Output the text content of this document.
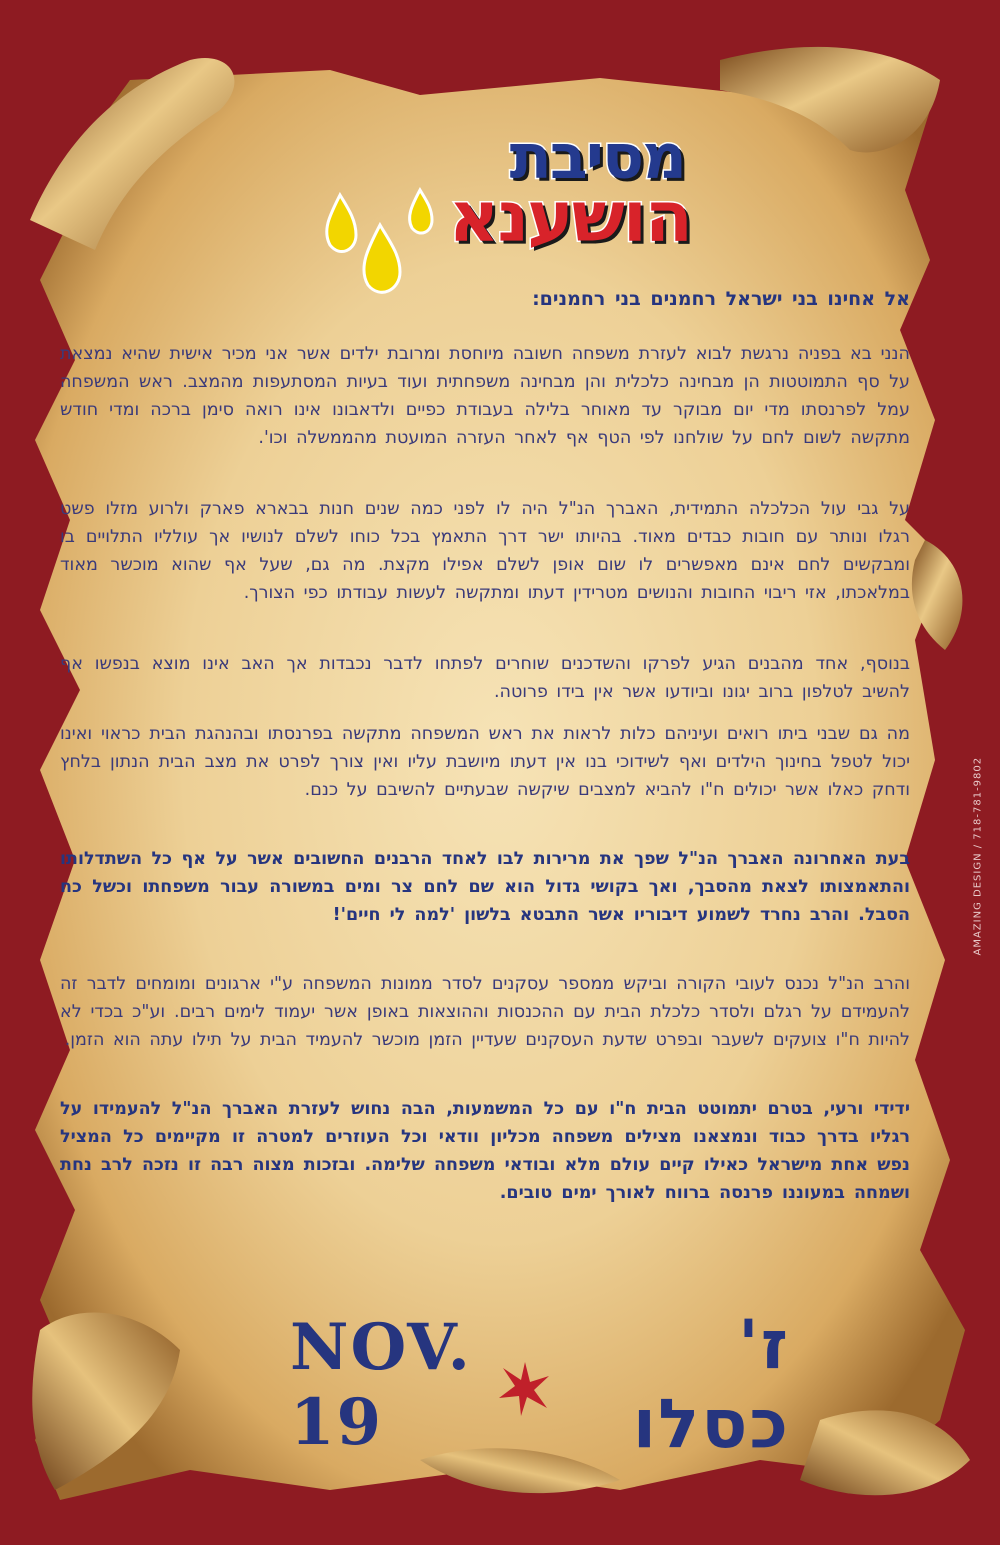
מסיבת
הושענא
אל אחינו בני ישראל רחמנים בני רחמנים:
הנני בא בפניה נרגשת לבוא לעזרת משפחה חשובה מיוחסת ומרובת ילדים אשר אני מכיר אישית שהיא נמצאת על סף התמוטטות הן מבחינה כלכלית והן מבחינה משפחתית ועוד בעיות המסתעפות מהמצב. ראש המשפחה עמל לפרנסתו מדי יום מבוקר עד מאוחר בלילה בעבודת כפיים ולדאבונו אינו רואה סימן ברכה ומדי חודש מתקשה לשום לחם על שולחנו לפי הטף אף לאחר העזרה המועטת מהממשלה וכו'.
על גבי עול הכלכלה התמידית, האברך הנ"ל היה לו לפני כמה שנים חנות בבארא פארק ולרוע מזלו פשט רגלו ונותר עם חובות כבדים מאוד. בהיותו ישר דרך התאמץ בכל כוחו לשלם לנושיו אך עולליו התלויים בו ומבקשים לחם אינם מאפשרים לו שום אופן לשלם אפילו מקצת. מה גם, שעל אף שהוא מוכשר מאוד במלאכתו, אזי ריבוי החובות והנושים מטרידין דעתו ומתקשה לעשות עבודתו כפי הצורך.
בנוסף, אחד מהבנים הגיע לפרקו והשדכנים שוחרים לפתחו לדבר נכבדות אך האב אינו מוצא בנפשו אף להשיב לטלפון ברוב יגונו וביודעו אשר אין בידו פרוטה.
מה גם שבני ביתו רואים ועיניהם כלות לראות את ראש המשפחה מתקשה בפרנסתו ובהנהגת הבית כראוי ואינו יכול לטפל בחינוך הילדים ואף לשידוכי בנו אין דעתו מיושבת עליו ואין צורך לפרט את מצב הבית הנתון בלחץ ודחק כאלו אשר יכולים ח"ו להביא למצבים שיקשה שבעתיים להשיבם על כנם.
בעת האחרונה האברך הנ"ל שפך את מרירות לבו לאחד הרבנים החשובים אשר על אף כל השתדלותו והתאמצותו לצאת מהסבך, ואך בקושי גדול הוא שם לחם צר ומים במשורה עבור משפחתו וכשל כח הסבל. והרב נחרד לשמוע דיבוריו אשר התבטא בלשון 'למה לי חיים'!
והרב הנ"ל נכנס לעובי הקורה וביקש ממספר עסקנים לסדר ממונות המשפחה ע"י ארגונים ומומחים לדבר זה להעמידם על רגלם ולסדר כלכלת הבית עם ההכנסות וההוצאות באופן אשר יעמוד לימים רבים. וע"כ בכדי לא להיות ח"ו צועקים לשעבר ובפרט שדעת העסקנים שעדיין הזמן מוכשר להעמיד הבית על תילו עתה הוא הזמן.
ידידי ורעי, בטרם יתמוטט הבית ח"ו עם כל המשמעות, הבה נחוש לעזרת האברך הנ"ל להעמידו על רגליו בדרך כבוד ונמצאנו מצילים משפחה מכליון וודאי וכל העוזרים למטרה זו מקיימים כל המציל נפש אחת מישראל כאילו קיים עולם מלא ובודאי משפחה שלימה. ובזכות מצוה רבה זו נזכה לרב נחת ושמחה במעוננו פרנסה ברווח לאורך ימים טובים.
NOV. 19
ז' כסלו
AMAZING DESIGN / 718-781-9802
